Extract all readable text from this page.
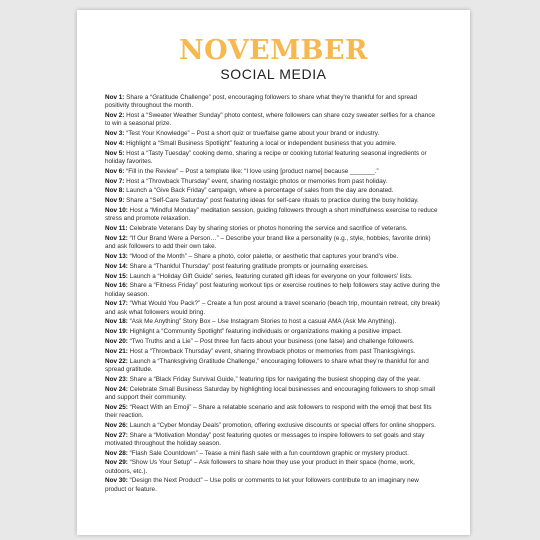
NOVEMBER
SOCIAL MEDIA

Nov 1: Share a “Gratitude Challenge” post, encouraging followers to share what they’re thankful for and spread positivity throughout the month.

Nov 2: Host a “Sweater Weather Sunday” photo contest, where followers can share cozy sweater selfies for a chance to win a seasonal prize.

Nov 3: “Test Your Knowledge” – Post a short quiz or true/false game about your brand or industry.

Nov 4: Highlight a “Small Business Spotlight” featuring a local or independent business that you admire.

Nov 5: Host a “Tasty Tuesday” cooking demo, sharing a recipe or cooking tutorial featuring seasonal ingredients or holiday favorites.

Nov 6: “Fill in the Review” – Post a template like: “I love using [product name] because _______.”

Nov 7: Host a “Throwback Thursday” event, sharing nostalgic photos or memories from past holiday.

Nov 8: Launch a “Give Back Friday” campaign, where a percentage of sales from the day are donated.

Nov 9: Share a “Self-Care Saturday” post featuring ideas for self-care rituals to practice during the busy holiday.

Nov 10: Host a “Mindful Monday” meditation session, guiding followers through a short mindfulness exercise to reduce stress and promote relaxation.

Nov 11: Celebrate Veterans Day by sharing stories or photos honoring the service and sacrifice of veterans.

Nov 12: “If Our Brand Were a Person…” – Describe your brand like a personality (e.g., style, hobbies, favorite drink) and ask followers to add their own take.

Nov 13: “Mood of the Month” – Share a photo, color palette, or aesthetic that captures your brand’s vibe.

Nov 14: Share a “Thankful Thursday” post featuring gratitude prompts or journaling exercises.

Nov 15: Launch a “Holiday Gift Guide” series, featuring curated gift ideas for everyone on your followers’ lists.

Nov 16: Share a “Fitness Friday” post featuring workout tips or exercise routines to help followers stay active during the holiday season.

Nov 17: “What Would You Pack?” – Create a fun post around a travel scenario (beach trip, mountain retreat, city break) and ask what followers would bring.

Nov 18: “Ask Me Anything” Story Box – Use Instagram Stories to host a casual AMA (Ask Me Anything).

Nov 19: Highlight a “Community Spotlight” featuring individuals or organizations making a positive impact.

Nov 20: “Two Truths and a Lie” – Post three fun facts about your business (one false) and challenge followers.

Nov 21: Host a “Throwback Thursday” event, sharing throwback photos or memories from past Thanksgivings.

Nov 22: Launch a “Thanksgiving Gratitude Challenge,” encouraging followers to share what they’re thankful for and spread gratitude.

Nov 23: Share a “Black Friday Survival Guide,” featuring tips for navigating the busiest shopping day of the year.

Nov 24: Celebrate Small Business Saturday by highlighting local businesses and encouraging followers to shop small and support their community.

Nov 25: “React With an Emoji” – Share a relatable scenario and ask followers to respond with the emoji that best fits their reaction.

Nov 26: Launch a “Cyber Monday Deals” promotion, offering exclusive discounts or special offers for online shoppers.

Nov 27: Share a “Motivation Monday” post featuring quotes or messages to inspire followers to set goals and stay motivated throughout the holiday season.

Nov 28: “Flash Sale Countdown” – Tease a mini flash sale with a fun countdown graphic or mystery product.

Nov 29: “Show Us Your Setup” – Ask followers to share how they use your product in their space (home, work, outdoors, etc.).

Nov 30: “Design the Next Product” – Use polls or comments to let your followers contribute to an imaginary new product or feature.
